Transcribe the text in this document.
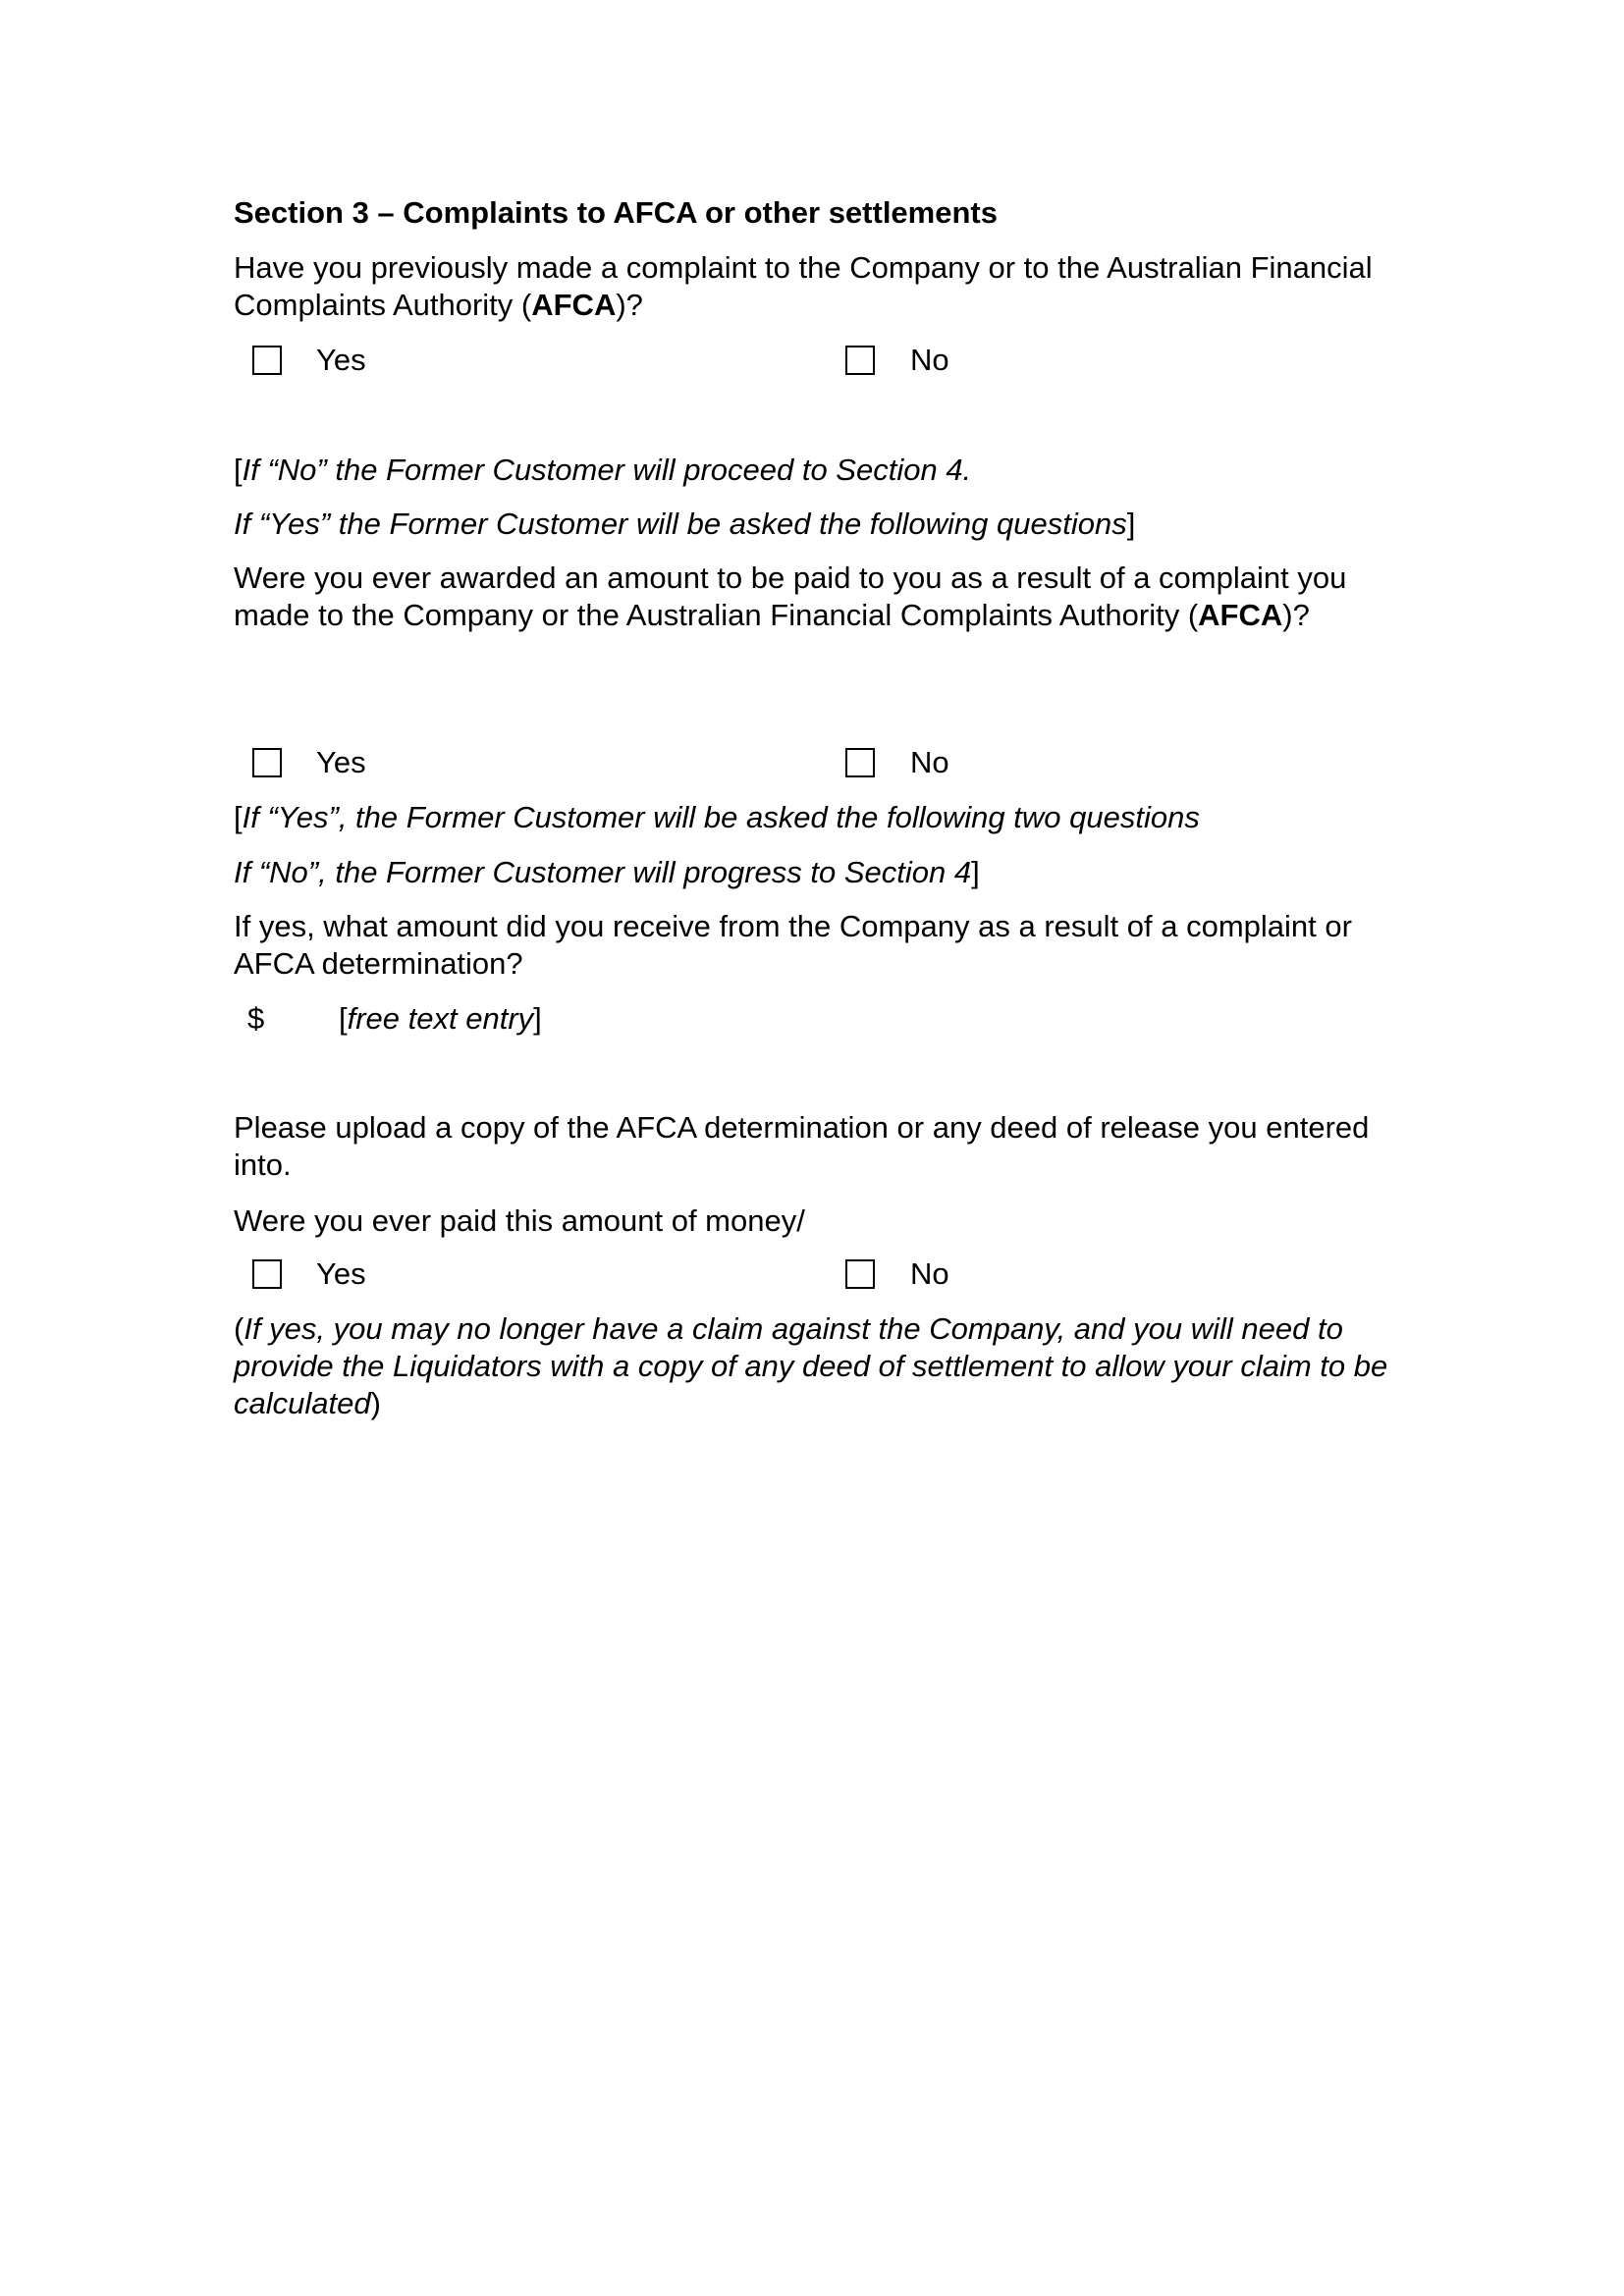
Section 3 – Complaints to AFCA or other settlements

Have you previously made a complaint to the Company or to the Australian Financial Complaints Authority (AFCA)?

Yes	No

[If “No” the Former Customer will proceed to Section 4.

If “Yes” the Former Customer will be asked the following questions]

Were you ever awarded an amount to be paid to you as a result of a complaint you made to the Company or the Australian Financial Complaints Authority (AFCA)?

Yes	No

[If “Yes”, the Former Customer will be asked the following two questions

If “No”, the Former Customer will progress to Section 4]

If yes, what amount did you receive from the Company as a result of a complaint or AFCA determination?

$ [free text entry]

Please upload a copy of the AFCA determination or any deed of release you entered into.

Were you ever paid this amount of money/

Yes	No

(If yes, you may no longer have a claim against the Company, and you will need to provide the Liquidators with a copy of any deed of settlement to allow your claim to be calculated)
